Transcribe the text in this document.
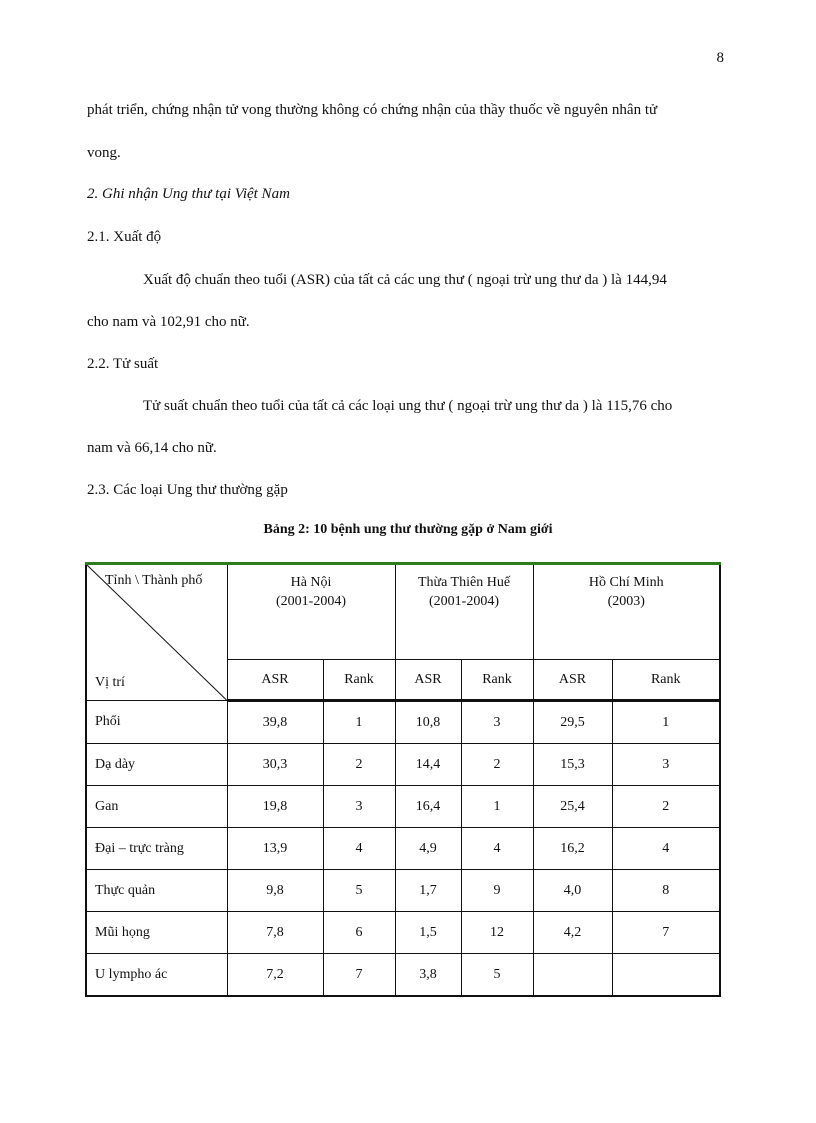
8
phát triển, chứng nhận tử vong thường không có chứng nhận của thầy thuốc về nguyên nhân tử
vong.
2. Ghi nhận Ung thư tại Việt Nam
2.1. Xuất độ
Xuất độ chuẩn theo tuổi (ASR) của tất cả các ung thư ( ngoại trừ ung thư da ) là 144,94
cho nam và 102,91 cho nữ.
2.2. Tử suất
Tử suất chuẩn theo tuổi của tất cả các loại ung thư ( ngoại trừ ung thư da ) là 115,76 cho
nam và 66,14 cho nữ.
2.3. Các loại Ung thư thường gặp
Bảng 2: 10 bệnh ung thư thường gặp ở Nam giới
Tỉnh \ Thành phố
Vị trí	Hà Nội
(2001-2004)		Thừa Thiên Huế
(2001-2004)		Hồ Chí Minh
(2003)	

	ASR	Rank	ASR	Rank	ASR	Rank
Phổi	39,8	1	10,8	3	29,5	1
Dạ dày	30,3	2	14,4	2	15,3	3
Gan	19,8	3	16,4	1	25,4	2
Đại – trực tràng	13,9	4	4,9	4	16,2	4
Thực quản	9,8	5	1,7	9	4,0	8
Mũi họng	7,8	6	1,5	12	4,2	7
U lympho ác	7,2	7	3,8	5		
